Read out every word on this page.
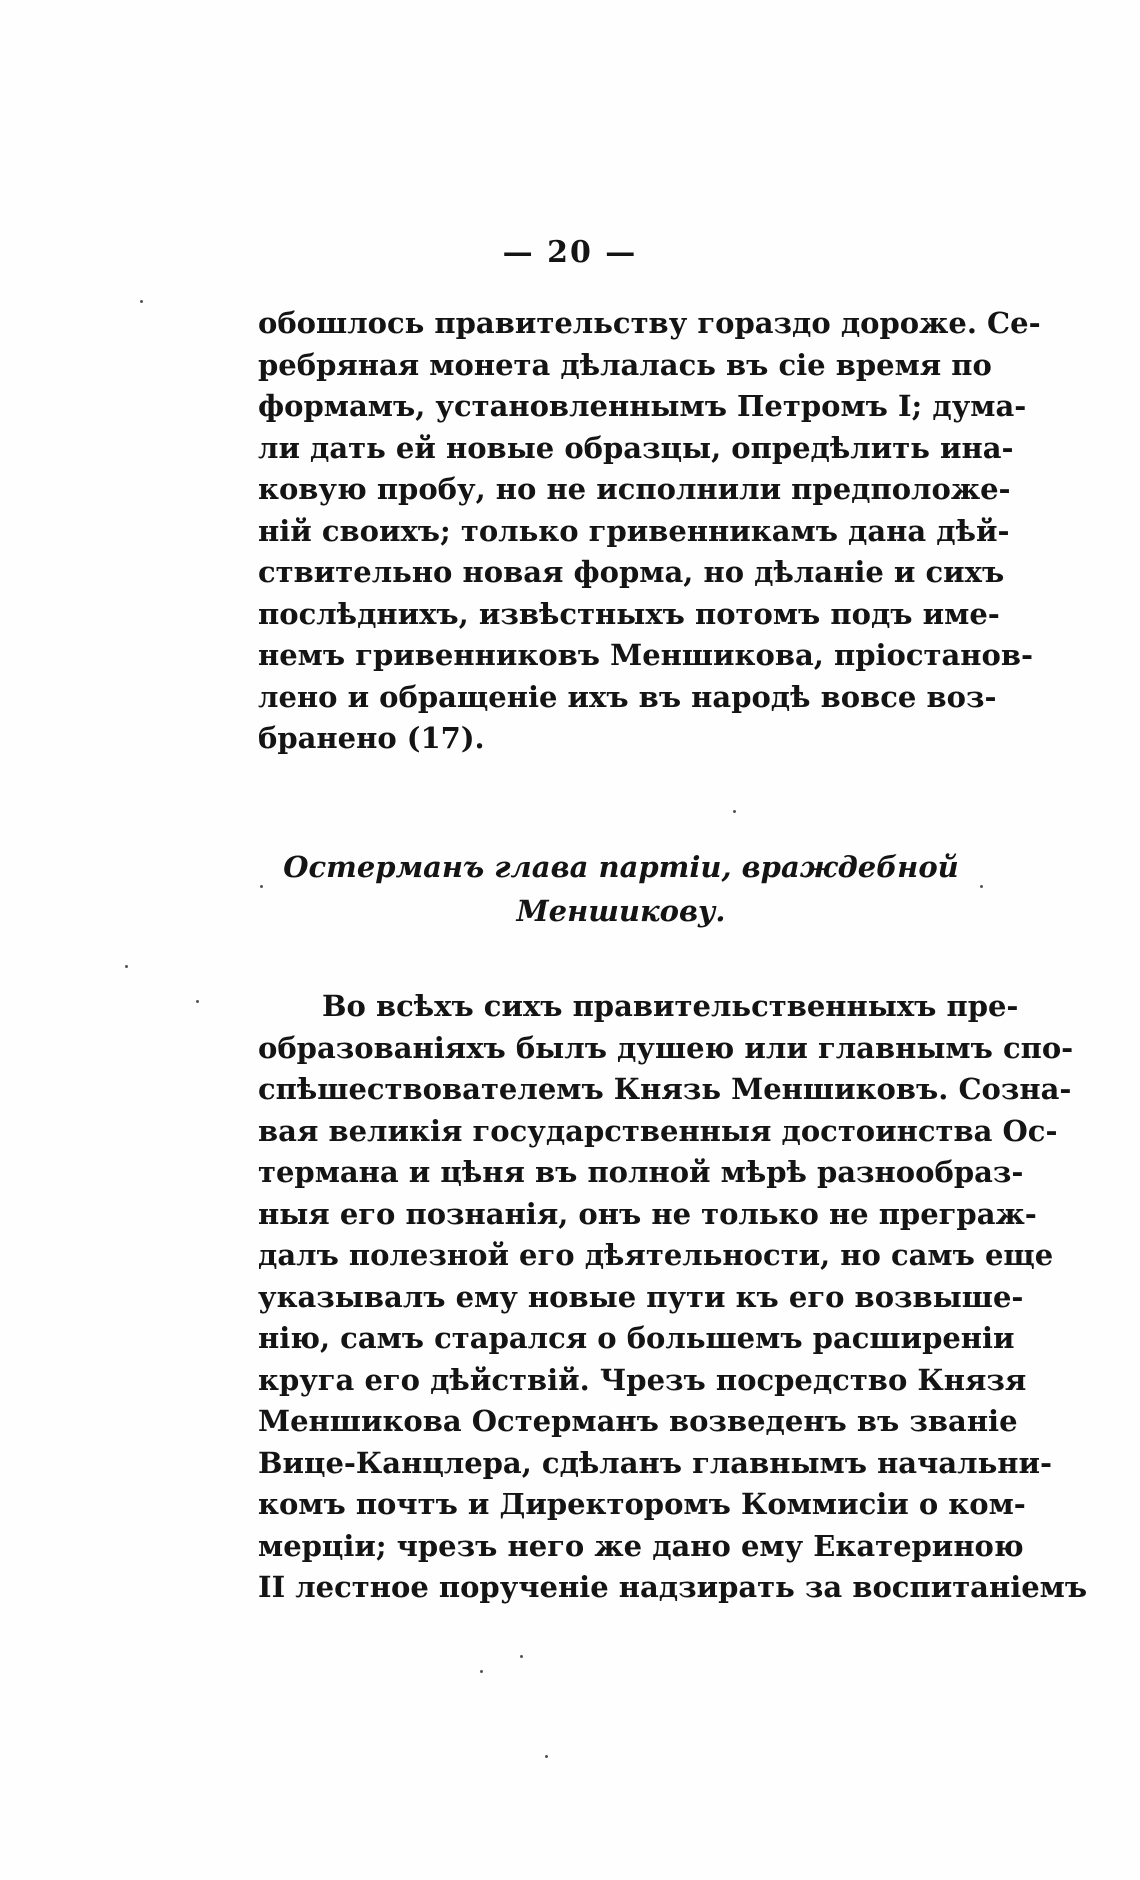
— 20 —
обошлось правительству гораздо дороже. Се-
ребряная монета дѣлалась въ сіе время по
формамъ, установленнымъ Петромъ I; дума-
ли дать ей новые образцы, опредѣлить ина-
ковую пробу, но не исполнили предположе-
ній своихъ; только гривенникамъ дана дѣй-
ствительно новая форма, но дѣланіе и сихъ
послѣднихъ, извѣстныхъ потомъ подъ име-
немъ гривенниковъ Меншикова, пріостанов-
лено и обращеніе ихъ въ народѣ вовсе воз-
бранено (17).
Остерманъ глава партіи, враждебной
Меншикову.
Во всѣхъ сихъ правительственныхъ пре-
образованіяхъ былъ душею или главнымъ спо-
спѣшествователемъ Князь Меншиковъ. Созна-
вая великія государственныя достоинства Ос-
термана и цѣня въ полной мѣрѣ разнообраз-
ныя его познанія, онъ не только не преграж-
далъ полезной его дѣятельности, но самъ еще
указывалъ ему новые пути къ его возвыше-
нію, самъ старался о большемъ расширеніи
круга его дѣйствій. Чрезъ посредство Князя
Меншикова Остерманъ возведенъ въ званіе
Вице-Канцлера, сдѣланъ главнымъ начальни-
комъ почтъ и Директоромъ Коммисіи о ком-
мерціи; чрезъ него же дано ему Екатериною
II лестное порученіе надзирать за воспитаніемъ
